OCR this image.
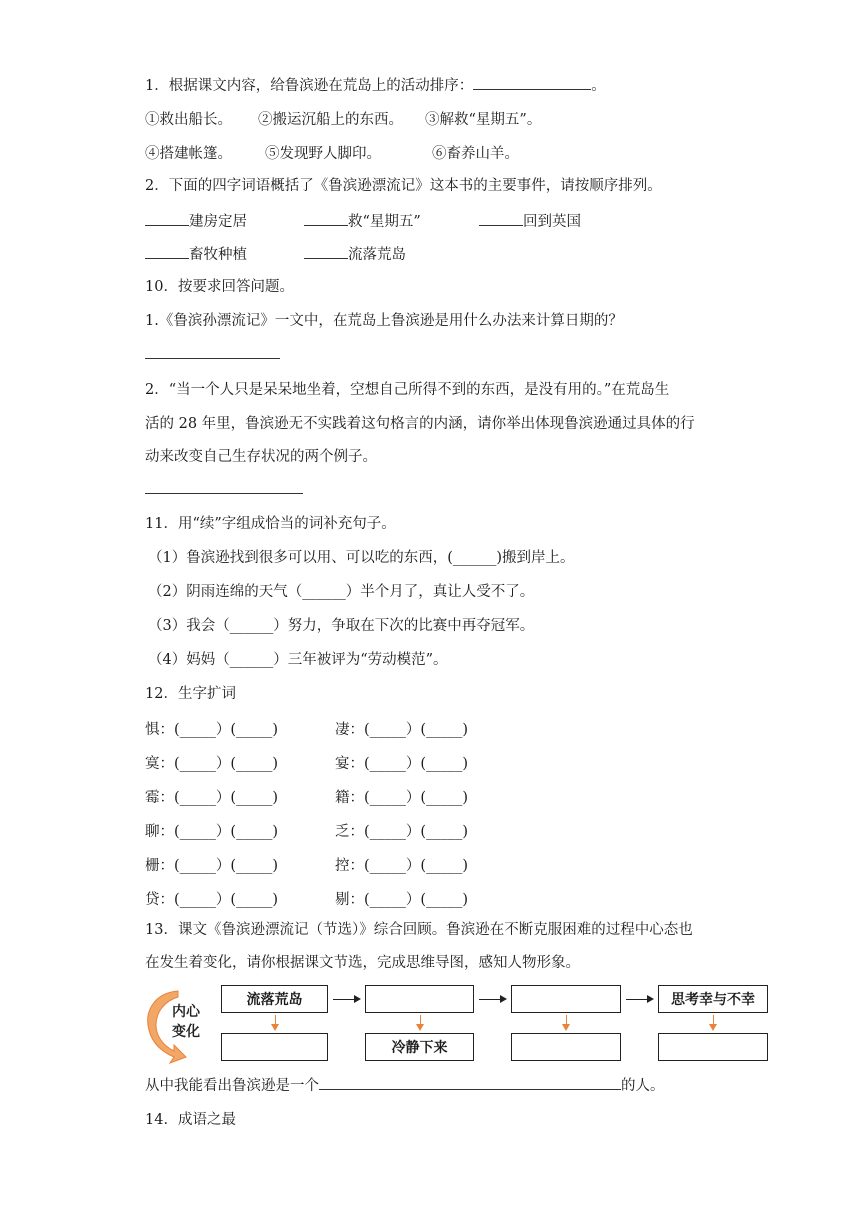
1．根据课文内容，给鲁滨逊在荒岛上的活动排序：	。
①救出船长。 ②搬运沉船上的东西。 ③解救“星期五”。
④搭建帐篷。 ⑤发现野人脚印。	⑥畜养山羊。
2．下面的四字词语概括了《鲁滨逊漂流记》这本书的主要事件，请按顺序排列。
建房定居	救“星期五”	回到英国
畜牧种植	流落荒岛
10．按要求回答问题。
1.《鲁滨孙漂流记》一文中，在荒岛上鲁滨逊是用什么办法来计算日期的？
2．“当一个人只是呆呆地坐着，空想自己所得不到的东西，是没有用的。”在荒岛生
活的 28 年里，鲁滨逊无不实践着这句格言的内涵，请你举出体现鲁滨逊通过具体的行
动来改变自己生存状况的两个例子。
11．用“续”字组成恰当的词补充句子。
（1）鲁滨逊找到很多可以用、可以吃的东西，(______)搬到岸上。
（2）阴雨连绵的天气（______）半个月了，真让人受不了。
（3）我会（______）努力，争取在下次的比赛中再夺冠军。
（4）妈妈（______）三年被评为“劳动模范”。
12．生字扩词
惧：(_____）(_____)	凄：(_____）(_____)
寞：(_____）(_____)	宴：(_____）(_____)
霉：(_____）(_____)	籍：(_____）(_____)
聊：(_____）(_____)	乏：(_____）(_____)
栅：(_____）(_____)	控：(_____）(_____)
贷：(_____）(_____)	剔：(_____）(_____)
13．课文《鲁滨逊漂流记（节选）》综合回顾。鲁滨逊在不断克服困难的过程中心态也
在发生着变化，请你根据课文节选，完成思维导图，感知人物形象。
内心
变化
流落荒岛	思考幸与不幸
冷静下来
从中我能看出鲁滨逊是一个	的人。
14．成语之最
